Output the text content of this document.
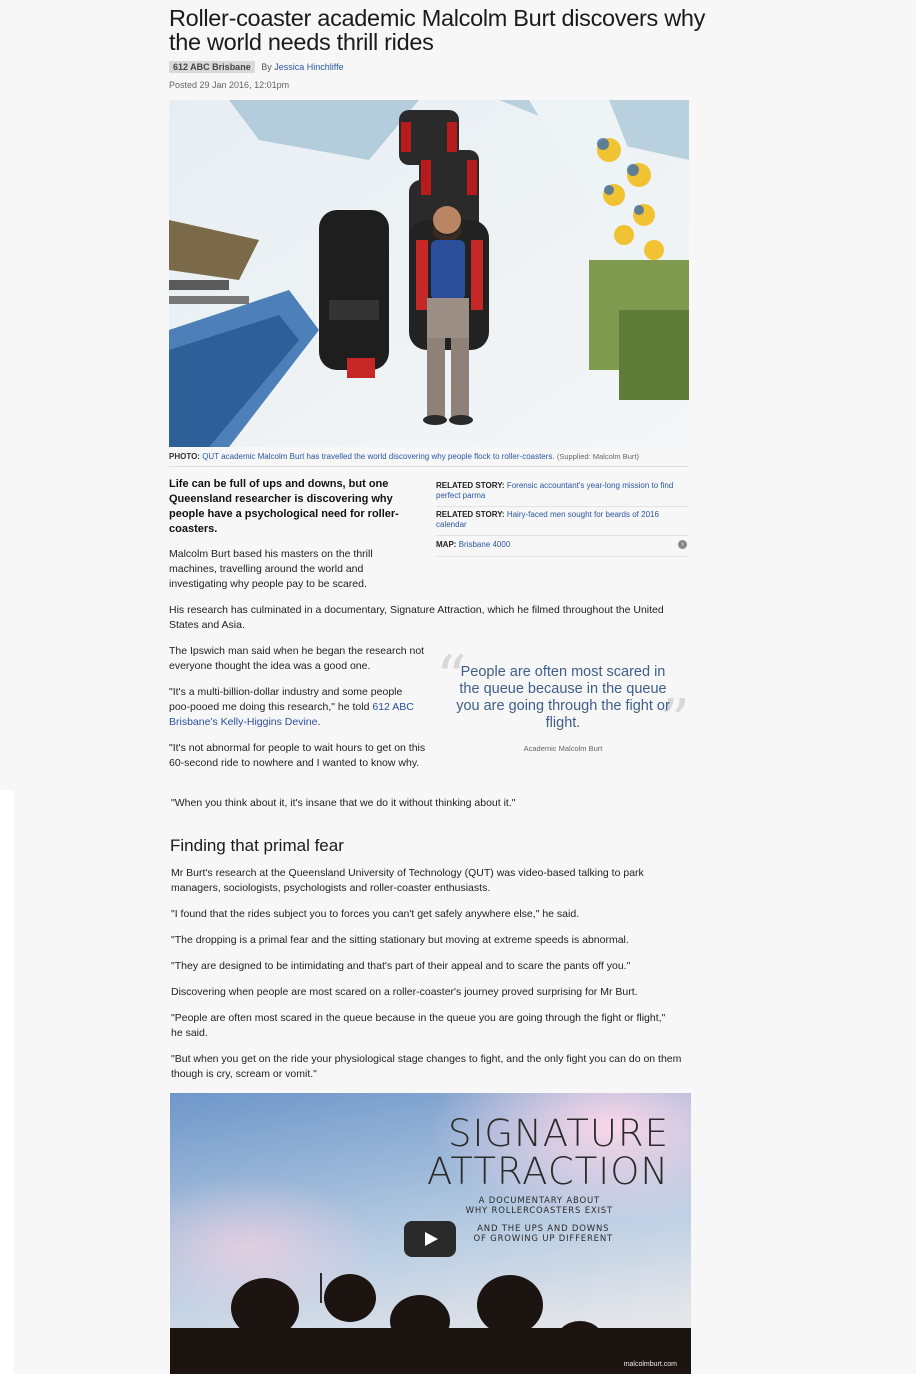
Roller-coaster academic Malcolm Burt discovers why the world needs thrill rides
612 ABC Brisbane By Jessica Hinchliffe
Posted 29 Jan 2016, 12:01pm
PHOTO: QUT academic Malcolm Burt has travelled the world discovering why people flock to roller-coasters. (Supplied: Malcolm Burt)
Life can be full of ups and downs, but one Queensland researcher is discovering why people have a psychological need for roller-coasters.
RELATED STORY: Forensic accountant's year-long mission to find perfect parma
RELATED STORY: Hairy-faced men sought for beards of 2016 calendar
MAP: Brisbane 4000	›

Malcolm Burt based his masters on the thrill machines, travelling around the world and investigating why people pay to be scared.

His research has culminated in a documentary, Signature Attraction, which he filmed throughout the United States and Asia.

The Ipswich man said when he began the research not everyone thought the idea was a good one.

"It's a multi-billion-dollar industry and some people poo-pooed me doing this research," he told 612 ABC Brisbane's Kelly-Higgins Devine.

"It's not abnormal for people to wait hours to get on this 60-second ride to nowhere and I wanted to know why.

"When you think about it, it's insane that we do it without thinking about it."

“
”
People are often most scared in the queue because in the queue you are going through the fight or flight.
Academic Malcolm Burt
Finding that primal fear

Mr Burt's research at the Queensland University of Technology (QUT) was video-based talking to park managers, sociologists, psychologists and roller-coaster enthusiasts.

"I found that the rides subject you to forces you can't get safely anywhere else," he said.

"The dropping is a primal fear and the sitting stationary but moving at extreme speeds is abnormal.

"They are designed to be intimidating and that's part of their appeal and to scare the pants off you."

Discovering when people are most scared on a roller-coaster's journey proved surprising for Mr Burt.

"People are often most scared in the queue because in the queue you are going through the fight or flight," he said.

"But when you get on the ride your physiological stage changes to fight, and the only fight you can do on them though is cry, scream or vomit."

SIGNATURE
ATTRACTION
A DOCUMENTARY ABOUT
WHY ROLLERCOASTERS EXIST
AND THE UPS AND DOWNS
OF GROWING UP DIFFERENT
malcolmburt.com
